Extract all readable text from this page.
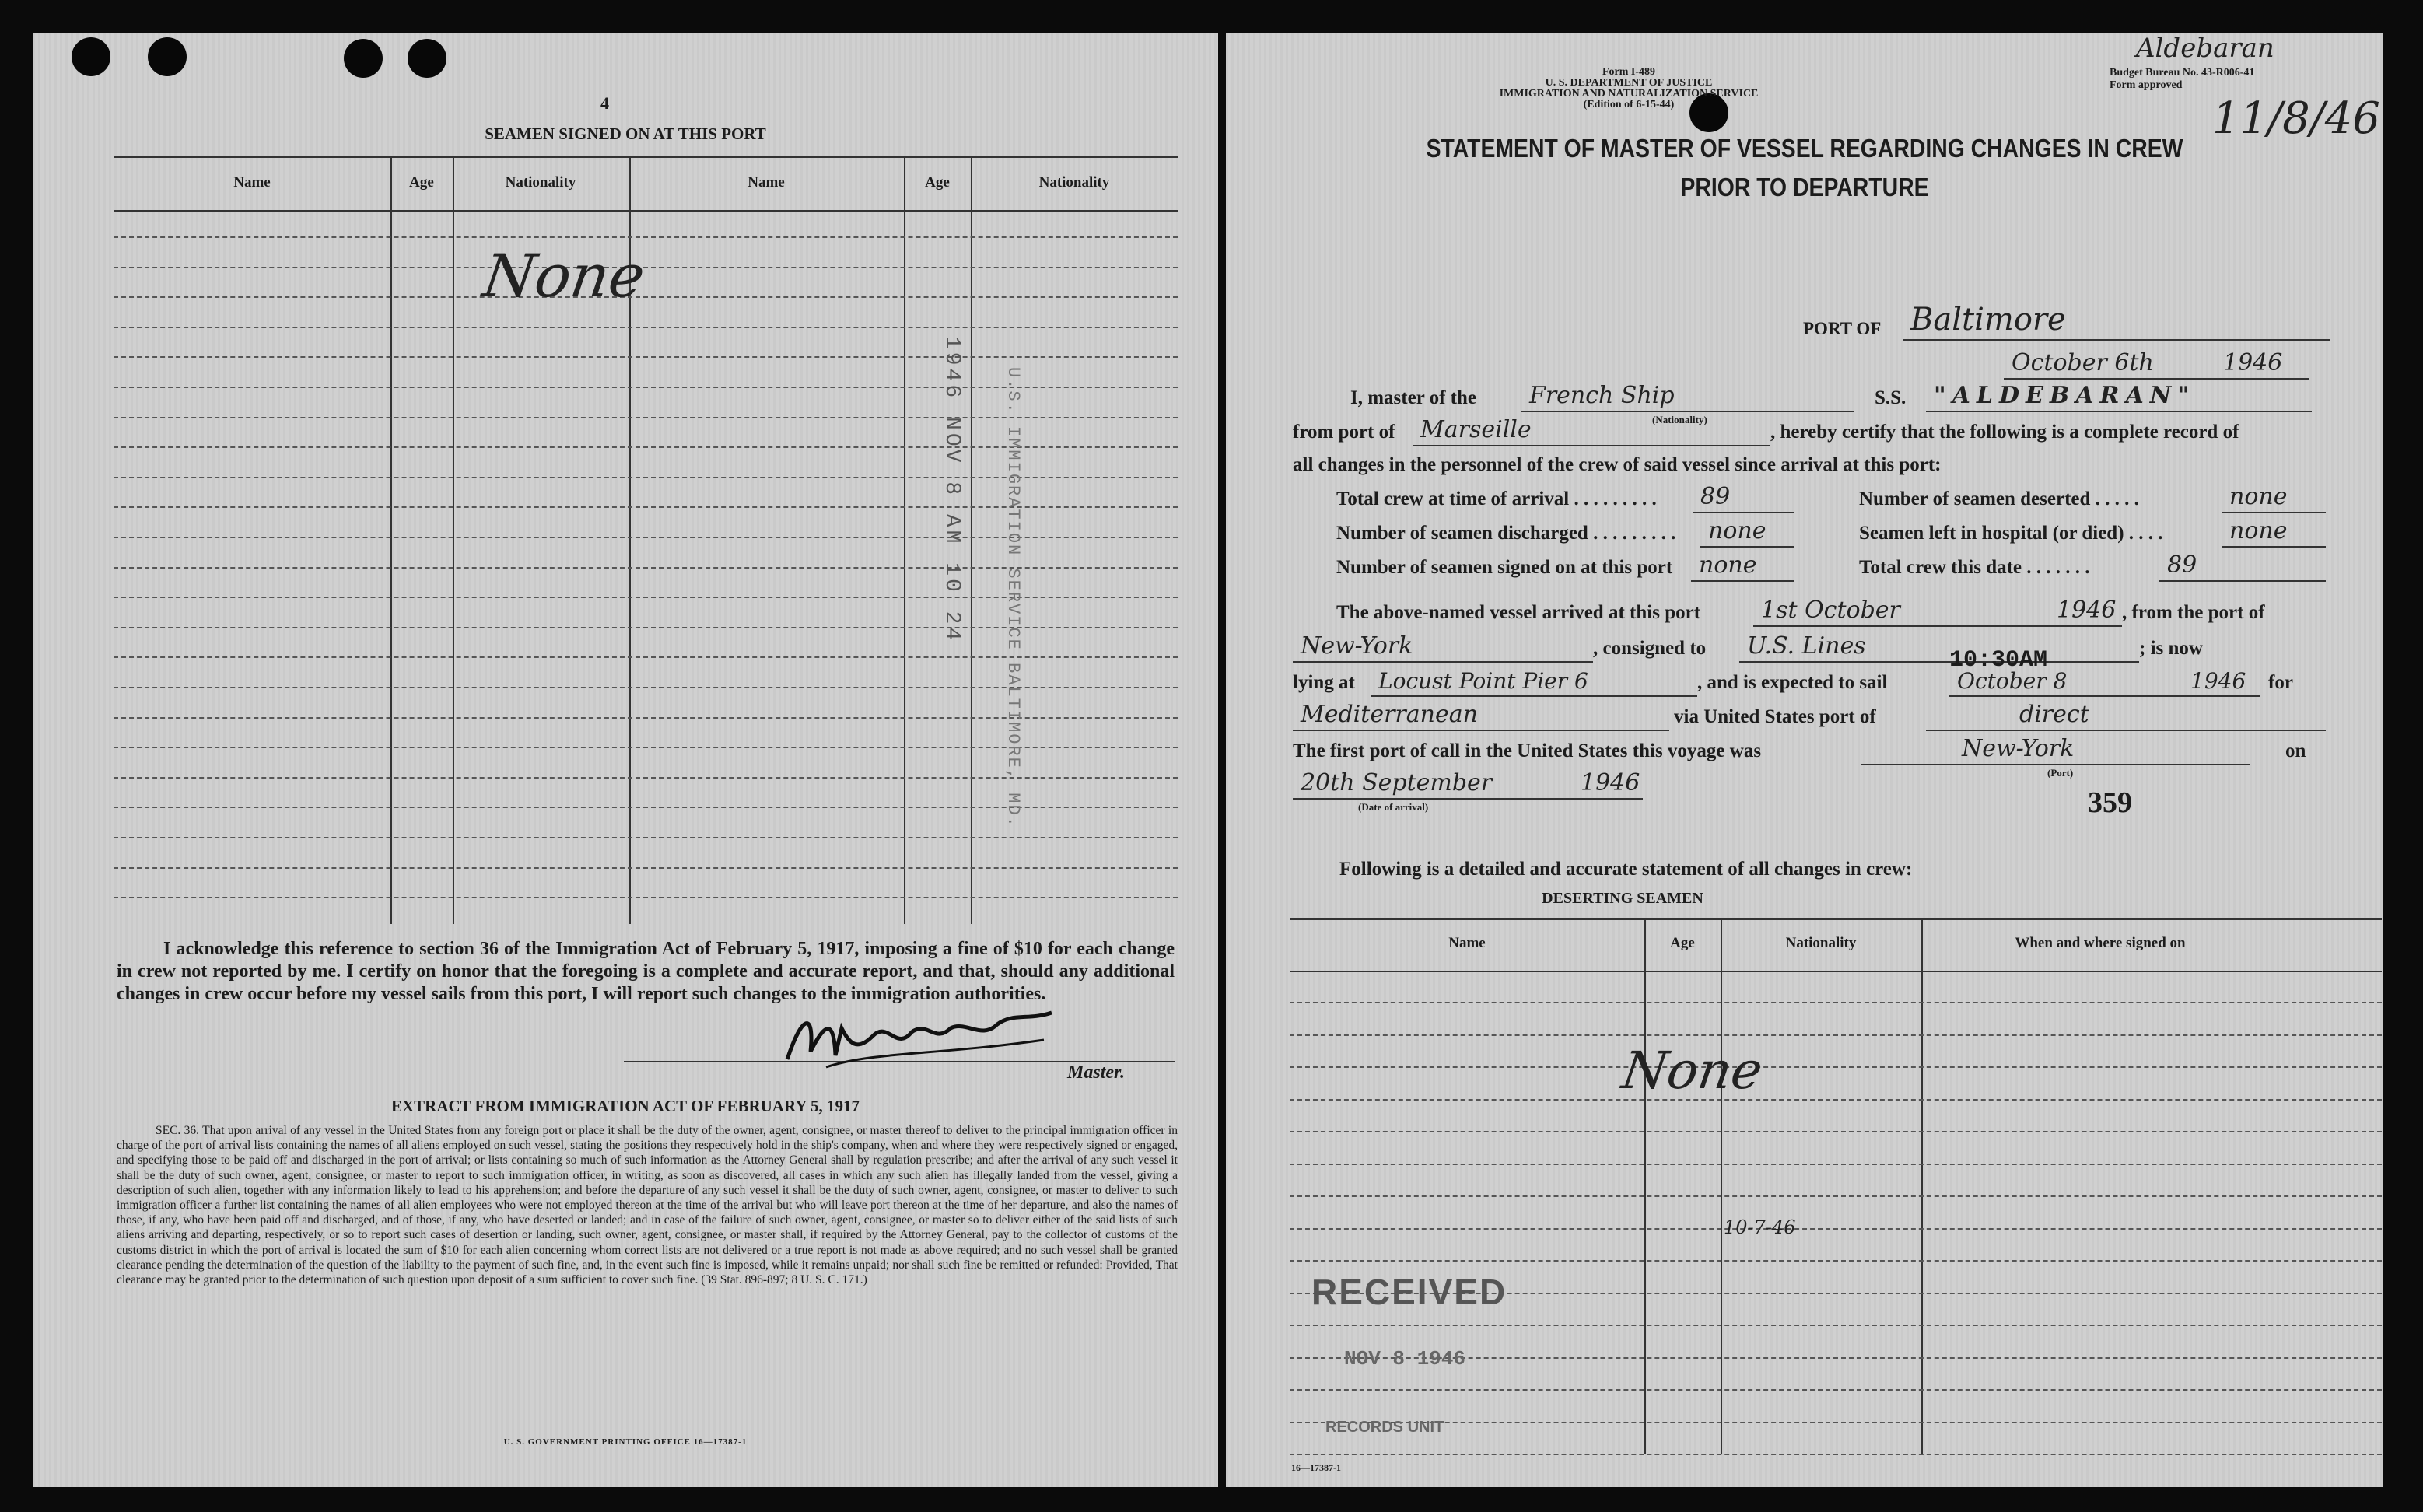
4
SEAMEN SIGNED ON AT THIS PORT
Name	Age	Nationality	Name	Age	Nationality
None
1946 NOV 8 AM 10 24 U.S. IMMIGRATION SERVICE BALTIMORE, MD.
I acknowledge this reference to section 36 of the Immigration Act of February 5, 1917, imposing a fine of $10 for each change in crew not reported by me. I certify on honor that the foregoing is a complete and accurate report, and that, should any additional changes in crew occur before my vessel sails from this port, I will report such changes to the immigration authorities.
Master.
EXTRACT FROM IMMIGRATION ACT OF FEBRUARY 5, 1917
SEC. 36. That upon arrival of any vessel in the United States from any foreign port or place it shall be the duty of the owner, agent, consignee, or master thereof to deliver to the principal immigration officer in charge of the port of arrival lists containing the names of all aliens employed on such vessel, stating the positions they respectively hold in the ship's company, when and where they were respectively signed or engaged, and specifying those to be paid off and discharged in the port of arrival; or lists containing so much of such information as the Attorney General shall by regulation prescribe; and after the arrival of any such vessel it shall be the duty of such owner, agent, consignee, or master to report to such immigration officer, in writing, as soon as discovered, all cases in which any such alien has illegally landed from the vessel, giving a description of such alien, together with any information likely to lead to his apprehension; and before the departure of any such vessel it shall be the duty of such owner, agent, consignee, or master to deliver to such immigration officer a further list containing the names of all alien employees who were not employed thereon at the time of the arrival but who will leave port thereon at the time of her departure, and also the names of those, if any, who have been paid off and discharged, and of those, if any, who have deserted or landed; and in case of the failure of such owner, agent, consignee, or master so to deliver either of the said lists of such aliens arriving and departing, respectively, or so to report such cases of desertion or landing, such owner, agent, consignee, or master shall, if required by the Attorney General, pay to the collector of customs of the customs district in which the port of arrival is located the sum of $10 for each alien concerning whom correct lists are not delivered or a true report is not made as above required; and no such vessel shall be granted clearance pending the determination of the question of the liability to the payment of such fine, and, in the event such fine is imposed, while it remains unpaid; nor shall such fine be remitted or refunded: Provided, That clearance may be granted prior to the determination of such question upon deposit of a sum sufficient to cover such fine. (39 Stat. 896-897; 8 U. S. C. 171.)
U. S. GOVERNMENT PRINTING OFFICE 16—17387-1
Form I-489
U. S. DEPARTMENT OF JUSTICE
IMMIGRATION AND NATURALIZATION SERVICE
(Edition of 6-15-44)
Budget Bureau No. 43-R006-41
Form approved
Aldebaran
11/8/46
STATEMENT OF MASTER OF VESSEL REGARDING CHANGES IN CREW
PRIOR TO DEPARTURE
PORT OF Baltimore
October 6th	1946
I, master of the French Ship
(Nationality)
S.S. "ALDEBARAN"
from port of Marseille	, hereby certify that the following is a complete record of
all changes in the personnel of the crew of said vessel since arrival at this port:
Total crew at time of arrival . . . . . . . . . 89	Number of seamen deserted . . . . .	none
Number of seamen discharged . . . . . . . . . none	Seamen left in hospital (or died) . . . .	none
Number of seamen signed on at this port none	Total crew this date . . . . . . .	89
The above-named vessel arrived at this port	1st October	1946 , from the port of
New-York	, consigned to U.S. Lines	; is now
lying at Locust Point Pier 6	, and is expected to sail
10:30AM
October 8	1946 for
Mediterranean	via United States port of	direct
The first port of call in the United States this voyage was	New-York
(Port)
on
20th September	1946
(Date of arrival)	359
Following is a detailed and accurate statement of all changes in crew:
DESERTING SEAMEN
Name	Age	Nationality	When and where signed on
None
10-7-46
RECEIVED
NOV 8 1946
RECORDS UNIT
16—17387-1
